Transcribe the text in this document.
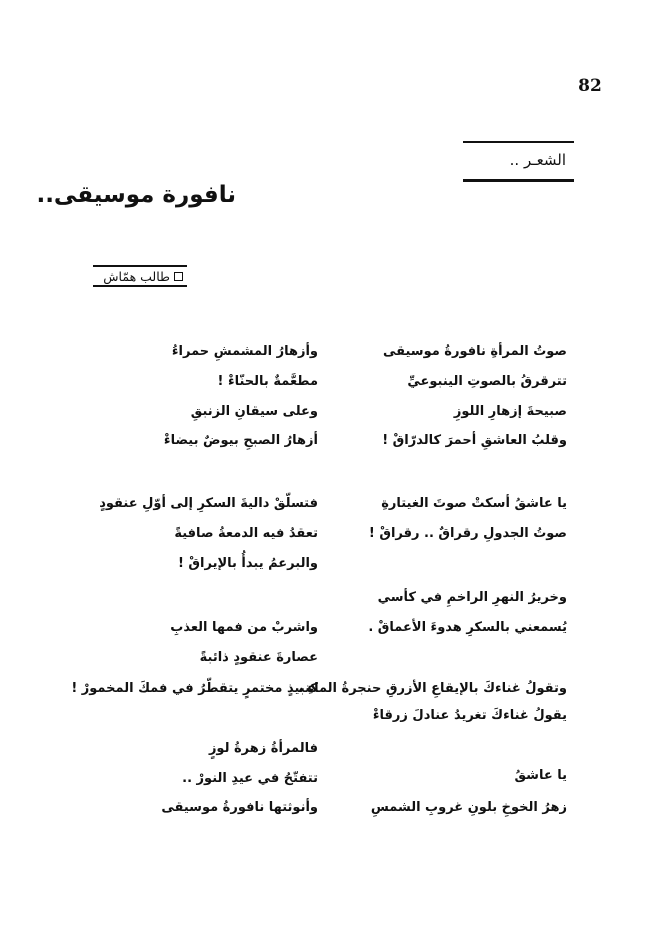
82
الشعـر ..
نافورة موسيقى..
طالب همّاش
صوتُ المرأةِ نافورةُ موسيقى
تترقرقُ بالصوتِ الينبوعيِّ
صبيحةَ إزهارِ اللوزِ
وقلبُ العاشقِ أحمرَ كالدرّاقْ !
يا عاشقُ أسكتْ صوتَ الغيتارةِ
صوتُ الجدولِ رقراقٌ .. رقراقْ !
وخريرُ النهرِ الراخمِ في كأسي
يُسمعني بالسكرِ هدوءَ الأعماقْ .
وتقولُ غناءكَ بالإيقاعِ الأزرقِ حنجرةُ الماءِ ،
يقولُ غناءكَ تغريدُ عنادلَ زرقاءْ
يا عاشقُ
زهرُ الخوخِ بلونِ غروبِ الشمسِ
وأزهارُ المشمشِ حمراءُ
مطعَّمةٌ بالحنّاءْ !
وعلى سيقانِ الزنبقِ
أزهارُ الصبحِ بيوضٌ بيضاءْ
فتسلّقْ داليةَ السكرِ إلى أوّلِ عنقودٍ
تعقدُ فيه الدمعةُ صافيةً
والبرعمُ يبدأُ بالإيراقْ !
واشربْ من فمها العذبِ
عصارةَ عنقودٍ ذائبةً
كنبيذٍ مختمرٍ يتقطّرُ في فمكَ المخمورْ !
فالمرأةُ زهرةُ لوزٍ
تتفتّحُ في عيدِ النورْ ..
وأنوثتها نافورةُ موسيقى
